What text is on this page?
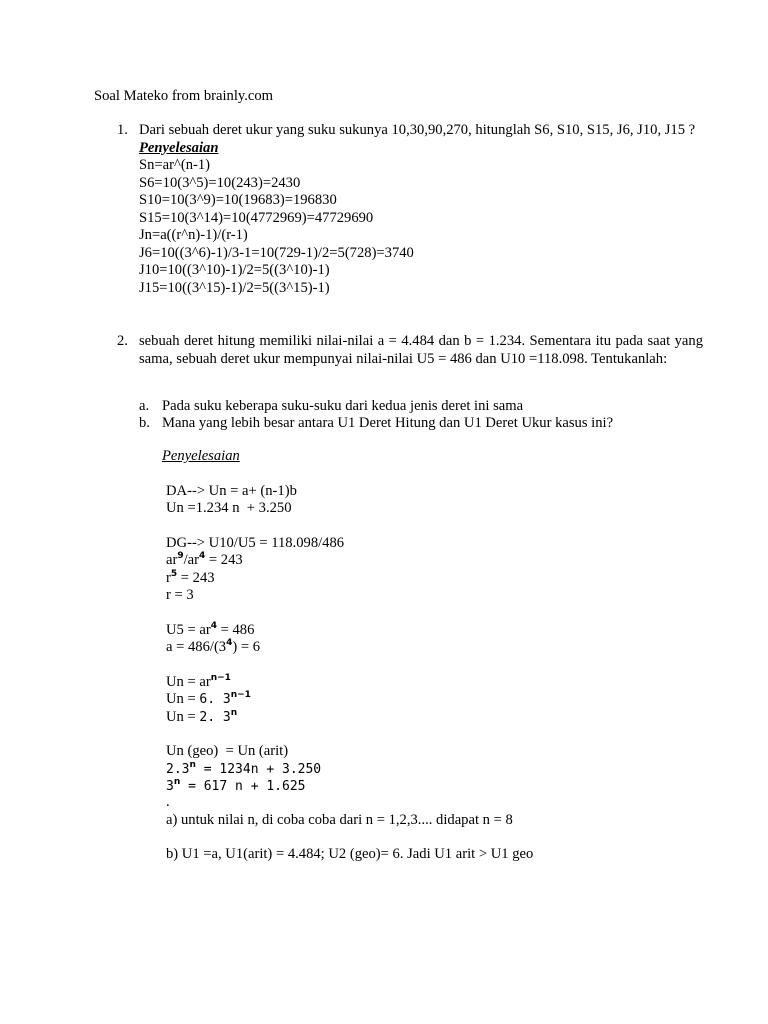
Soal Mateko from brainly.com
1. Dari sebuah deret ukur yang suku sukunya 10,30,90,270, hitunglah S6, S10, S15, J6, J10, J15 ?
Penyelesaian
Sn=ar^(n-1)
S6=10(3^5)=10(243)=2430
S10=10(3^9)=10(19683)=196830
S15=10(3^14)=10(4772969)=47729690
Jn=a((r^n)-1)/(r-1)
J6=10((3^6)-1)/3-1=10(729-1)/2=5(728)=3740
J10=10((3^10)-1)/2=5((3^10)-1)
J15=10((3^15)-1)/2=5((3^15)-1)
2. sebuah deret hitung memiliki nilai-nilai a = 4.484 dan b = 1.234. Sementara itu pada saat yang sama, sebuah deret ukur mempunyai nilai-nilai U5 = 486 dan U10 =118.098. Tentukanlah:
a. Pada suku keberapa suku-suku dari kedua jenis deret ini sama
b. Mana yang lebih besar antara U1 Deret Hitung dan U1 Deret Ukur kasus ini?
Penyelesaian
DA--> Un = a+ (n-1)b
Un =1.234 n  + 3.250
DG--> U10/U5 = 118.098/486
$ar^9/ar^4 = 243$
$r^5 = 243$
r = 3
$U5 = ar^4 = 486$
$a = 486/(3^4) = 6$
$Un = ar^{n-1}$
Un = 6. $3^{n-1}$
Un = 2. 3$^n$
Un (geo)  = Un (arit)
$2.3^n = 1234n + 3.250$
$3^n = 617$ n + 1.625
.
a) untuk nilai n, di coba coba dari n = 1,2,3.... didapat n = 8
b) U1 =a, U1(arit) = 4.484; U2 (geo)= 6. Jadi U1 arit > U1 geo
